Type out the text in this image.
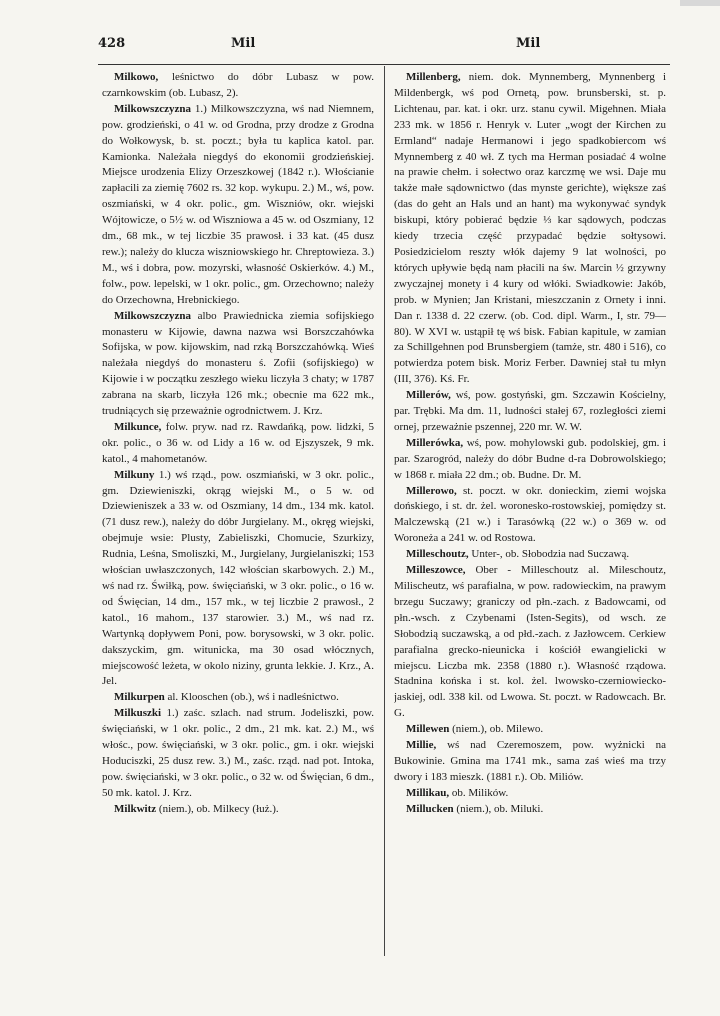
428	Mil	Mil

Milkowo, leśnictwo do dóbr Lubasz w pow. czarnkowskim (ob. Lubasz, 2).

Milkowszczyzna 1.) Milkowszczyzna, wś nad Niemnem, pow. grodzieński, o 41 w. od Grodna, przy drodze z Grodna do Wołkowysk, b. st. poczt.; była tu kaplica katol. par. Kamionka. Należała niegdyś do ekonomii grodzieńskiej. Miejsce urodzenia Elizy Orzeszkowej (1842 r.). Włościanie zapłacili za ziemię 7602 rs. 32 kop. wykupu. 2.) M., wś, pow. oszmiański, w 4 okr. polic., gm. Wiszniów, okr. wiejski Wójtowicze, o 5½ w. od Wiszniowa a 45 w. od Oszmiany, 12 dm., 68 mk., w tej liczbie 35 prawosł. i 33 kat. (45 dusz rew.); należy do klucza wiszniowskiego hr. Chreptowieza. 3.) M., wś i dobra, pow. mozyrski, własność Oskierków. 4.) M., folw., pow. lepelski, w 1 okr. polic., gm. Orzechowno; należy do Orzechowna, Hrebnickiego.

Milkowszczyzna albo Prawiednicka ziemia sofijskiego monasteru w Kijowie, dawna nazwa wsi Borszczahówka Sofijska, w pow. kijowskim, nad rzką Borszczahówką. Wieś należała niegdyś do monasteru ś. Zofii (sofijskiego) w Kijowie i w początku zeszłego wieku liczyła 3 chaty; w 1787 zabrana na skarb, liczyła 126 mk.; obecnie ma 622 mk., trudniących się przeważnie ogrodnictwem. J. Krz.

Milkunce, folw. pryw. nad rz. Rawdańką, pow. lidzki, 5 okr. polic., o 36 w. od Lidy a 16 w. od Ejszyszek, 9 mk. katol., 4 mahometanów.

Milkuny 1.) wś rząd., pow. oszmiański, w 3 okr. polic., gm. Dziewieniszki, okrąg wiejski M., o 5 w. od Dziewieniszek a 33 w. od Oszmiany, 14 dm., 134 mk. katol. (71 dusz rew.), należy do dóbr Jurgielany. M., okręg wiejski, obejmuje wsie: Plusty, Zabieliszki, Chomucie, Szurkizy, Rudnia, Leśna, Smoliszki, M., Jurgielany, Jurgielaniszki; 153 włościan uwłaszczonych, 142 włościan skarbowych. 2.) M., wś nad rz. Świłką, pow. święciański, w 3 okr. polic., o 16 w. od Święcian, 14 dm., 157 mk., w tej liczbie 2 prawosł., 2 katol., 16 mahom., 137 starowier. 3.) M., wś nad rz. Wartynką dopływem Poni, pow. borysowski, w 3 okr. polic. dakszyckim, gm. witunicka, ma 30 osad włócznych, miejscowość leżeta, w okolo niziny, grunta lekkie. J. Krz., A. Jel.

Milkurpen al. Klooschen (ob.), wś i nadleśnictwo.

Milkuszki 1.) zaśc. szlach. nad strum. Jodeliszki, pow. święciański, w 1 okr. polic., 2 dm., 21 mk. kat. 2.) M., wś włośc., pow. święciański, w 3 okr. polic., gm. i okr. wiejski Hoduciszki, 25 dusz rew. 3.) M., zaśc. rząd. nad pot. Intoka, pow. święciański, w 3 okr. polic., o 32 w. od Święcian, 6 dm., 50 mk. katol. J. Krz.

Milkwitz (niem.), ob. Milkecy (łuż.).

Millenberg, niem. dok. Mynnemberg, Mynnenberg i Mildenbergk, wś pod Ornetą, pow. brunsberski, st. p. Lichtenau, par. kat. i okr. urz. stanu cywil. Migehnen. Miała 233 mk. w 1856 r. Henryk v. Luter „wogt der Kirchen zu Ermland“ nadaje Hermanowi i jego spadkobiercom wś Mynnemberg z 40 wł. Z tych ma Herman posiadać 4 wolne na prawie chełm. i sołectwo oraz karczmę we wsi. Daje mu także małe sądownictwo (das mynste gerichte), większe zaś (das do geht an Hals und an hant) ma wykonywać syndyk biskupi, który pobierać będzie ⅓ kar sądowych, podczas kiedy trzecia część przypadać będzie sołtysowi. Posiedzicielom reszty włók dajemy 9 lat wolności, po których upływie będą nam płacili na św. Marcin ½ grzywny zwyczajnej monety i 4 kury od włóki. Swiadkowie: Jakób, prob. w Mynien; Jan Kristani, mieszczanin z Ornety i inni. Dan r. 1338 d. 22 czerw. (ob. Cod. dipl. Warm., I, str. 79—80). W XVI w. ustąpił tę wś bisk. Fabian kapitule, w zamian za Schillgehnen pod Brunsbergiem (tamże, str. 480 i 516), co potwierdza potem bisk. Moriz Ferber. Dawniej stał tu młyn (III, 376). Kś. Fr.

Millerów, wś, pow. gostyński, gm. Szczawin Kościelny, par. Trębki. Ma dm. 11, ludności stałej 67, rozległości ziemi ornej, przeważnie pszennej, 220 mr. W. W.

Millerówka, wś, pow. mohylowski gub. podolskiej, gm. i par. Szarogród, należy do dóbr Budne d-ra Dobrowolskiego; w 1868 r. miała 22 dm.; ob. Budne. Dr. M.

Millerowo, st. poczt. w okr. donieckim, ziemi wojska dońskiego, i st. dr. żel. woronesko-rostowskiej, pomiędzy st. Malczewską (21 w.) i Tarasówką (22 w.) o 369 w. od Woroneża a 241 w. od Rostowa.

Milleschoutz, Unter-, ob. Słobodzia nad Suczawą.

Milleszowce, Ober - Milleschoutz al. Mileschoutz, Milischeutz, wś parafialna, w pow. radowieckim, na prawym brzegu Suczawy; graniczy od płn.-zach. z Badowcami, od płn.-wsch. z Czybenami (Isten-Segits), od wsch. ze Słobodzią suczawską, a od płd.-zach. z Jazłowcem. Cerkiew parafialna grecko-nieunicka i kościół ewangielicki w miejscu. Liczba mk. 2358 (1880 r.). Własność rządowa. Stadnina końska i st. kol. żel. lwowsko-czerniowiecko-jaskiej, odl. 338 kil. od Lwowa. St. poczt. w Radowcach. Br. G.

Millewen (niem.), ob. Milewo.

Millie, wś nad Czeremoszem, pow. wyżnicki na Bukowinie. Gmina ma 1741 mk., sama zaś wieś ma trzy dwory i 183 mieszk. (1881 r.). Ob. Miliów.

Millikau, ob. Milików.

Millucken (niem.), ob. Miluki.
